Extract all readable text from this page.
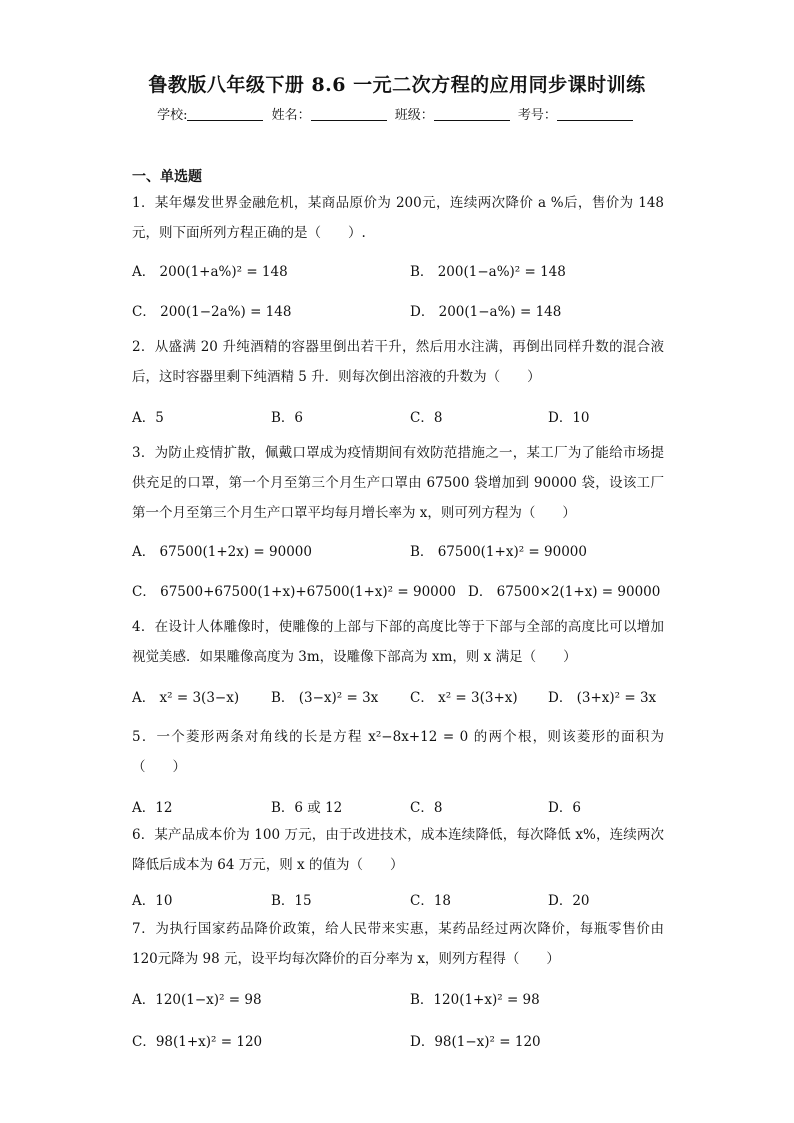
鲁教版八年级下册 8.6 一元二次方程的应用同步课时训练
学校:	姓名：	班级：	考号：
一、单选题
1．某年爆发世界金融危机，某商品原价为 200元，连续两次降价 a %后，售价为 148元，则下面所列方程正确的是（　　）.
A． 200(1+a%)² = 148	B． 200(1−a%)² = 148
C． 200(1−2a%) = 148	D． 200(1−a%) = 148
2．从盛满 20 升纯酒精的容器里倒出若干升，然后用水注满，再倒出同样升数的混合液后，这时容器里剩下纯酒精 5 升．则每次倒出溶液的升数为（　　）
A．5	B．6	C．8	D．10
3．为防止疫情扩散，佩戴口罩成为疫情期间有效防范措施之一，某工厂为了能给市场提供充足的口罩，第一个月至第三个月生产口罩由 67500 袋增加到 90000 袋，设该工厂第一个月至第三个月生产口罩平均每月增长率为 x，则可列方程为（　　）
A． 67500(1+2x) = 90000	B． 67500(1+x)² = 90000
C． 67500+67500(1+x)+67500(1+x)² = 90000 D． 67500×2(1+x) = 90000
4．在设计人体雕像时，使雕像的上部与下部的高度比等于下部与全部的高度比可以增加视觉美感．如果雕像高度为 3m，设雕像下部高为 xm，则 x 满足（　　）
A． x² = 3(3−x) B． (3−x)² = 3x C． x² = 3(3+x) D． (3+x)² = 3x
5．一个菱形两条对角线的长是方程 x²−8x+12 = 0 的两个根，则该菱形的面积为（　　）
A．12	B．6 或 12	C．8	D．6
6．某产品成本价为 100 万元，由于改进技术，成本连续降低，每次降低 x%，连续两次降低后成本为 64 万元，则 x 的值为（　　）
A．10	B．15	C．18	D．20
7．为执行国家药品降价政策，给人民带来实惠，某药品经过两次降价，每瓶零售价由 120元降为 98 元，设平均每次降价的百分率为 x，则列方程得（　　）
A．120(1−x)² = 98	B．120(1+x)² = 98
C．98(1+x)² = 120	D．98(1−x)² = 120
